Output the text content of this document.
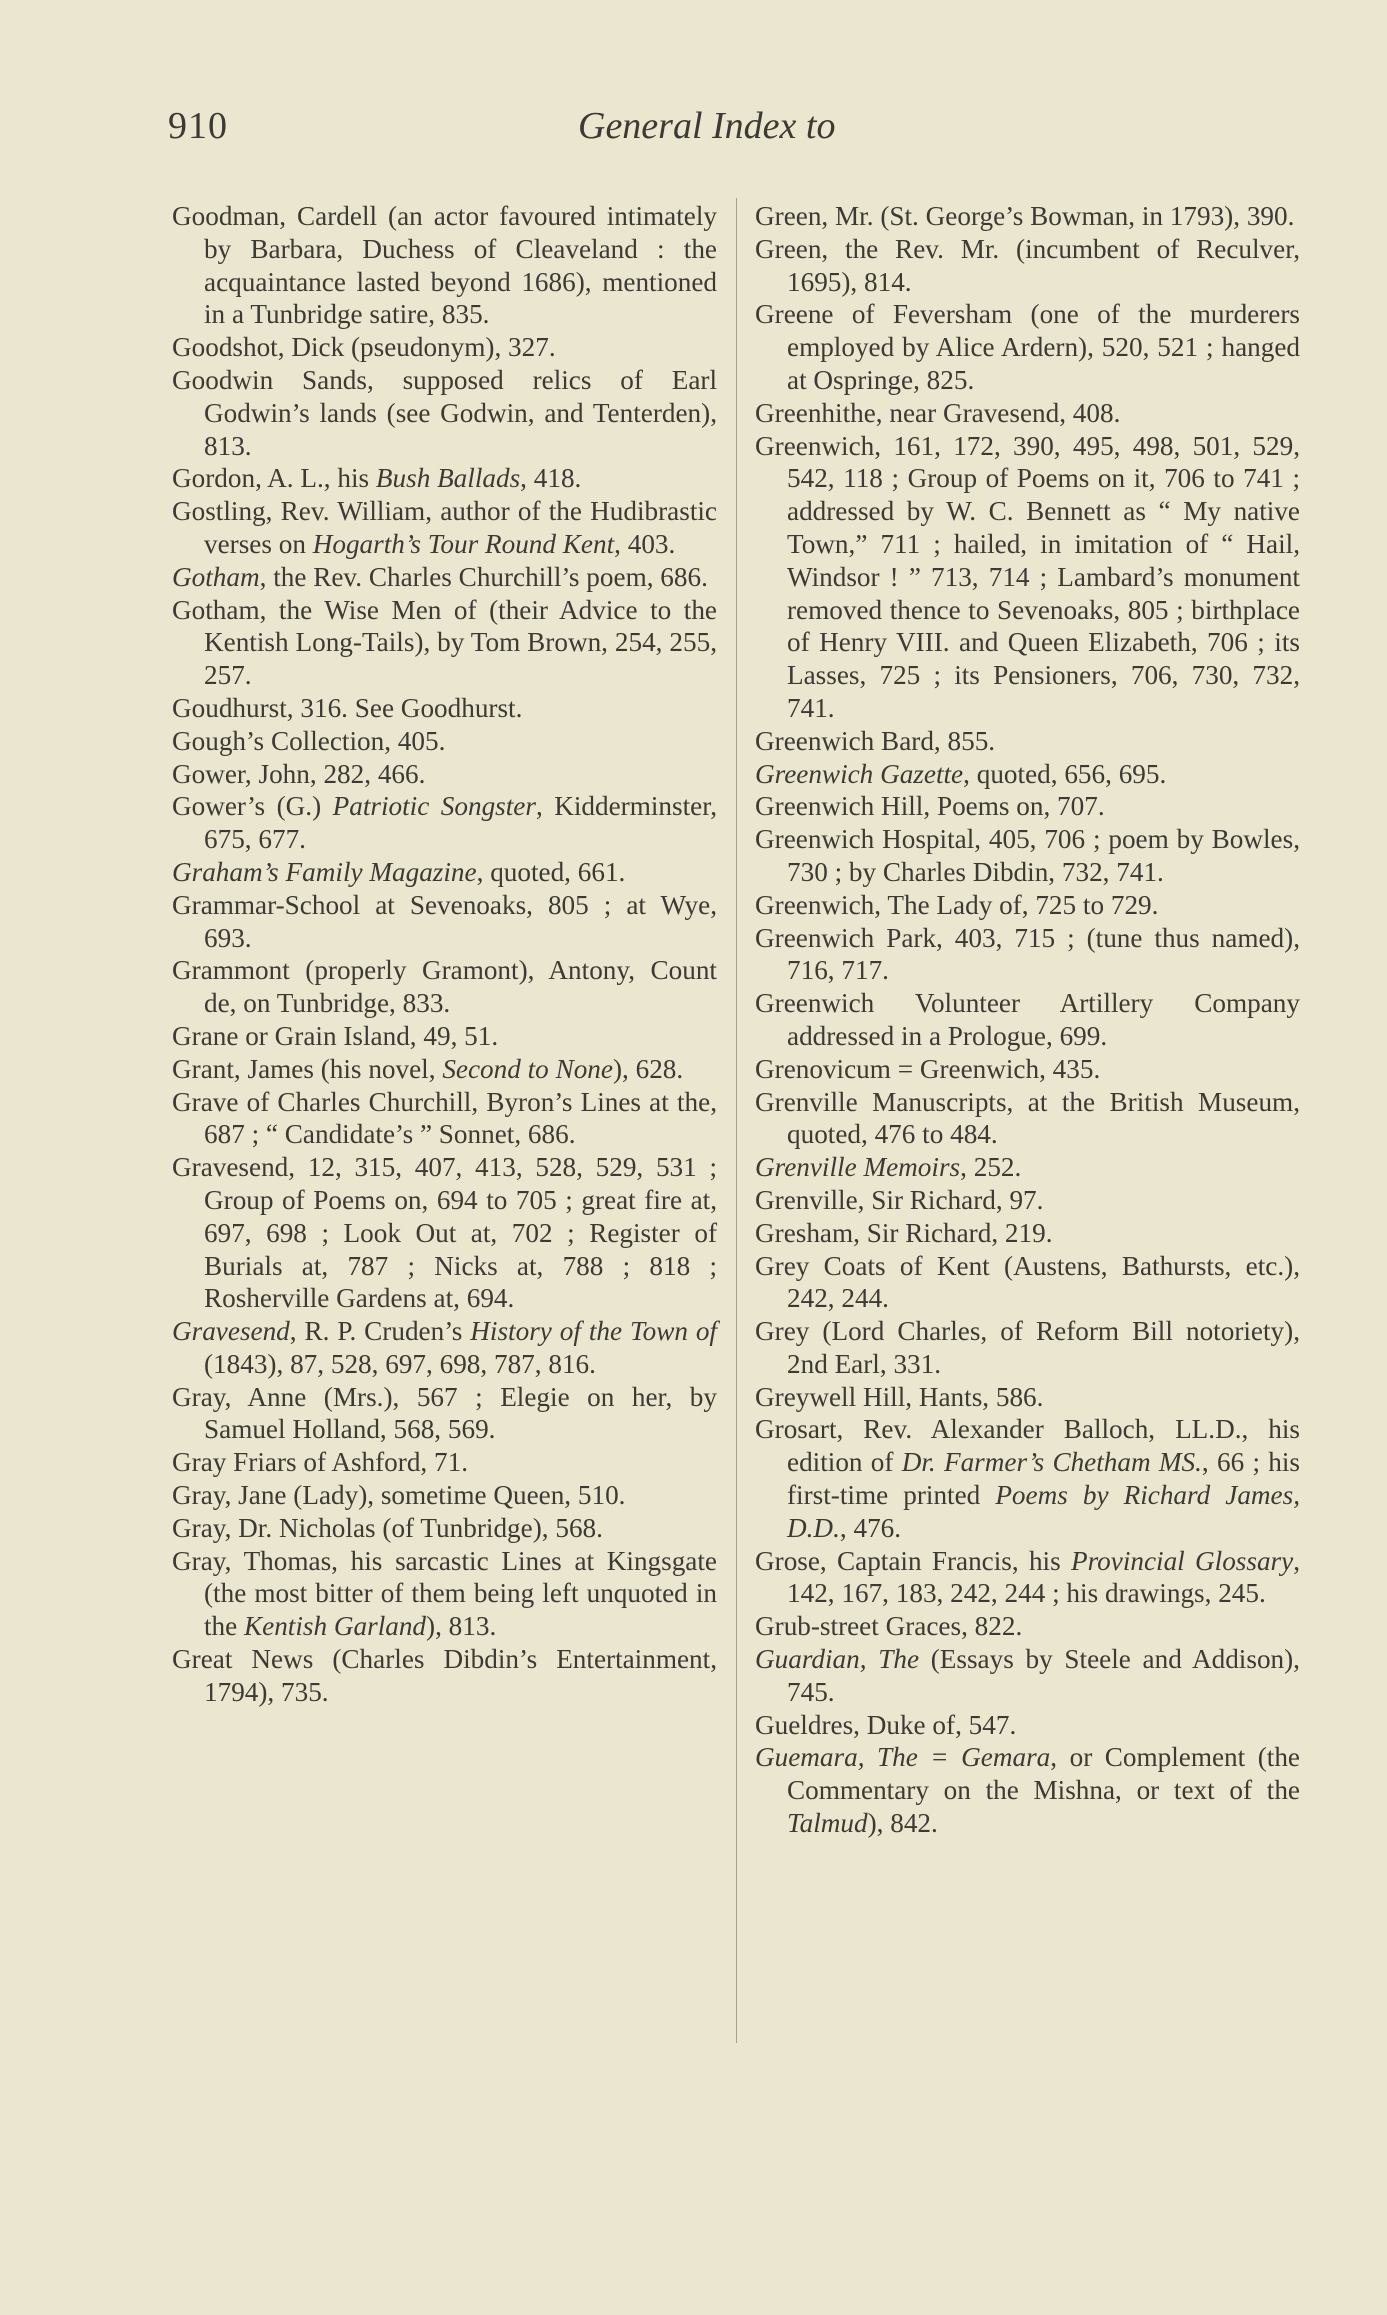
910	General Index to

Goodman, Cardell (an actor favoured intimately by Barbara, Duchess of Cleaveland : the acquaintance lasted beyond 1686), mentioned in a Tunbridge satire, 835.

Goodshot, Dick (pseudonym), 327.

Goodwin Sands, supposed relics of Earl Godwin’s lands (see Godwin, and Tenterden), 813.

Gordon, A. L., his Bush Ballads, 418.

Gostling, Rev. William, author of the Hudibrastic verses on Hogarth’s Tour Round Kent, 403.

Gotham, the Rev. Charles Churchill’s poem, 686.

Gotham, the Wise Men of (their Advice to the Kentish Long-Tails), by Tom Brown, 254, 255, 257.

Goudhurst, 316. See Goodhurst.

Gough’s Collection, 405.

Gower, John, 282, 466.

Gower’s (G.) Patriotic Songster, Kidderminster, 675, 677.

Graham’s Family Magazine, quoted, 661.

Grammar-School at Sevenoaks, 805 ; at Wye, 693.

Grammont (properly Gramont), Antony, Count de, on Tunbridge, 833.

Grane or Grain Island, 49, 51.

Grant, James (his novel, Second to None), 628.

Grave of Charles Churchill, Byron’s Lines at the, 687 ; “ Candidate’s ” Sonnet, 686.

Gravesend, 12, 315, 407, 413, 528, 529, 531 ; Group of Poems on, 694 to 705 ; great fire at, 697, 698 ; Look Out at, 702 ; Register of Burials at, 787 ; Nicks at, 788 ; 818 ; Rosherville Gardens at, 694.

Gravesend, R. P. Cruden’s History of the Town of (1843), 87, 528, 697, 698, 787, 816.

Gray, Anne (Mrs.), 567 ; Elegie on her, by Samuel Holland, 568, 569.

Gray Friars of Ashford, 71.

Gray, Jane (Lady), sometime Queen, 510.

Gray, Dr. Nicholas (of Tunbridge), 568.

Gray, Thomas, his sarcastic Lines at Kingsgate (the most bitter of them being left unquoted in the Kentish Garland), 813.

Great News (Charles Dibdin’s Entertainment, 1794), 735.

Green, Mr. (St. George’s Bowman, in 1793), 390.

Green, the Rev. Mr. (incumbent of Reculver, 1695), 814.

Greene of Feversham (one of the murderers employed by Alice Ardern), 520, 521 ; hanged at Ospringe, 825.

Greenhithe, near Gravesend, 408.

Greenwich, 161, 172, 390, 495, 498, 501, 529, 542, 118 ; Group of Poems on it, 706 to 741 ; addressed by W. C. Bennett as “ My native Town,” 711 ; hailed, in imitation of “ Hail, Windsor ! ” 713, 714 ; Lambard’s monument removed thence to Sevenoaks, 805 ; birthplace of Henry VIII. and Queen Elizabeth, 706 ; its Lasses, 725 ; its Pensioners, 706, 730, 732, 741.

Greenwich Bard, 855.

Greenwich Gazette, quoted, 656, 695.

Greenwich Hill, Poems on, 707.

Greenwich Hospital, 405, 706 ; poem by Bowles, 730 ; by Charles Dibdin, 732, 741.

Greenwich, The Lady of, 725 to 729.

Greenwich Park, 403, 715 ; (tune thus named), 716, 717.

Greenwich Volunteer Artillery Company addressed in a Prologue, 699.

Grenovicum = Greenwich, 435.

Grenville Manuscripts, at the British Museum, quoted, 476 to 484.

Grenville Memoirs, 252.

Grenville, Sir Richard, 97.

Gresham, Sir Richard, 219.

Grey Coats of Kent (Austens, Bathursts, etc.), 242, 244.

Grey (Lord Charles, of Reform Bill notoriety), 2nd Earl, 331.

Greywell Hill, Hants, 586.

Grosart, Rev. Alexander Balloch, LL.D., his edition of Dr. Farmer’s Chetham MS., 66 ; his first-time printed Poems by Richard James, D.D., 476.

Grose, Captain Francis, his Provincial Glossary, 142, 167, 183, 242, 244 ; his drawings, 245.

Grub-street Graces, 822.

Guardian, The (Essays by Steele and Addison), 745.

Gueldres, Duke of, 547.

Guemara, The = Gemara, or Complement (the Commentary on the Mishna, or text of the Talmud), 842.
